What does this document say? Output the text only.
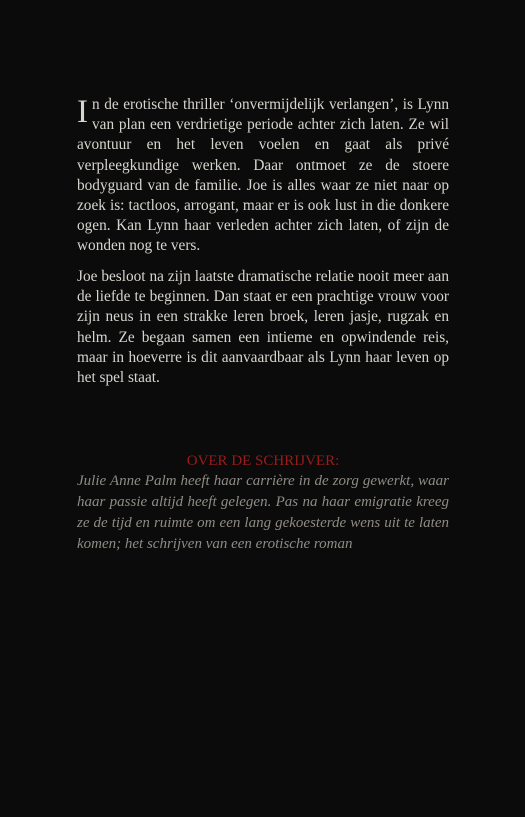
In de erotische thriller ‘onvermijdelijk verlangen’, is Lynn van plan een verdrietige periode achter zich laten. Ze wil avontuur en het leven voelen en gaat als privé verpleegkundige werken. Daar ontmoet ze de stoere bodyguard van de familie. Joe is alles waar ze niet naar op zoek is: tactloos, arrogant, maar er is ook lust in die donkere ogen. Kan Lynn haar verleden achter zich laten, of zijn de wonden nog te vers.

Joe besloot na zijn laatste dramatische relatie nooit meer aan de liefde te beginnen. Dan staat er een prachtige vrouw voor zijn neus in een strakke leren broek, leren jasje, rugzak en helm. Ze begaan samen een intieme en opwindende reis, maar in hoeverre is dit aanvaardbaar als Lynn haar leven op het spel staat.

OVER DE SCHRIJVER:

Julie Anne Palm heeft haar carrière in de zorg gewerkt, waar haar passie altijd heeft gelegen. Pas na haar emigratie kreeg ze de tijd en ruimte om een lang gekoesterde wens uit te laten komen; het schrijven van een erotische roman
